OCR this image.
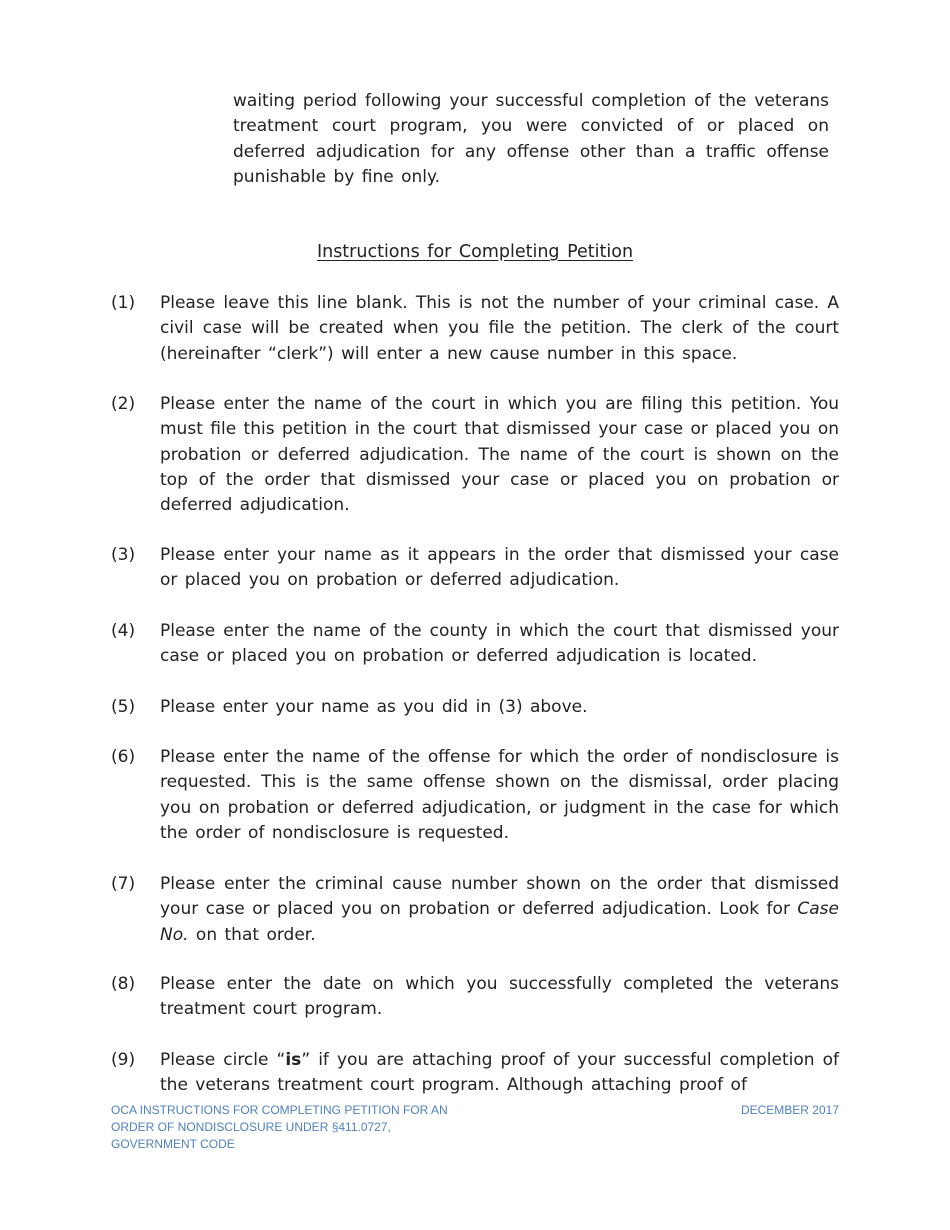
waiting period following your successful completion of the veterans treatment court program, you were convicted of or placed on deferred adjudication for any offense other than a traffic offense punishable by fine only.
Instructions for Completing Petition
(1)	Please leave this line blank. This is not the number of your criminal case. A civil case will be created when you file the petition. The clerk of the court (hereinafter “clerk”) will enter a new cause number in this space.
(2)	Please enter the name of the court in which you are filing this petition. You must file this petition in the court that dismissed your case or placed you on probation or deferred adjudication. The name of the court is shown on the top of the order that dismissed your case or placed you on probation or deferred adjudication.
(3)	Please enter your name as it appears in the order that dismissed your case or placed you on probation or deferred adjudication.
(4)	Please enter the name of the county in which the court that dismissed your case or placed you on probation or deferred adjudication is located.
(5)	Please enter your name as you did in (3) above.
(6)	Please enter the name of the offense for which the order of nondisclosure is requested. This is the same offense shown on the dismissal, order placing you on probation or deferred adjudication, or judgment in the case for which the order of nondisclosure is requested.
(7)	Please enter the criminal cause number shown on the order that dismissed your case or placed you on probation or deferred adjudication. Look for Case No. on that order.
(8)	Please enter the date on which you successfully completed the veterans treatment court program.
(9)	Please circle “is” if you are attaching proof of your successful completion of the veterans treatment court program. Although attaching proof of
OCA INSTRUCTIONS FOR COMPLETING PETITION FOR AN
ORDER OF NONDISCLOSURE UNDER §411.0727,
GOVERNMENT CODE
DECEMBER 2017
